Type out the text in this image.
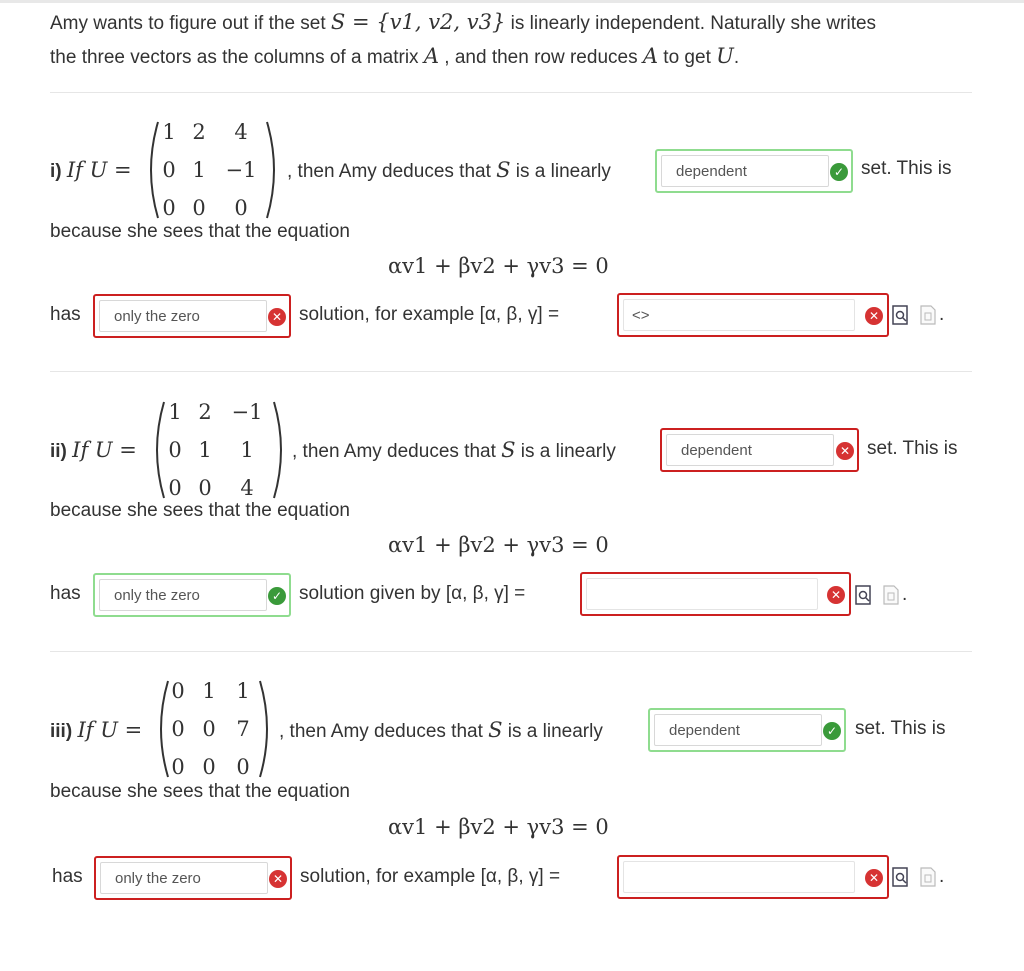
Amy wants to figure out if the set S = {v1, v2, v3} is linearly independent. Naturally she writes
the three vectors as the columns of a matrix A , and then row reduces A to get U.
i) If U =
1 2	4
0 1 −1
0 0	0
, then Amy deduces that S is a linearly	dependent	✓ set. This is
because she sees that the equation
αv1 + βv2 + γv3 = 0
has	only the zero	✕ solution, for example [α, β, γ] =	<>	✕	.
ii) If U =
1 2 −1
0 1	1
0 0	4
, then Amy deduces that S is a linearly	dependent	✕ set. This is
because she sees that the equation
αv1 + βv2 + γv3 = 0
has	only the zero	✓ solution given by [α, β, γ] =	✕	.
iii) If U =
0 1 1
0 0 7
0 0 0
, then Amy deduces that S is a linearly	dependent	✓ set. This is
because she sees that the equation
αv1 + βv2 + γv3 = 0
has	only the zero	✕ solution, for example [α, β, γ] =	✕	.
